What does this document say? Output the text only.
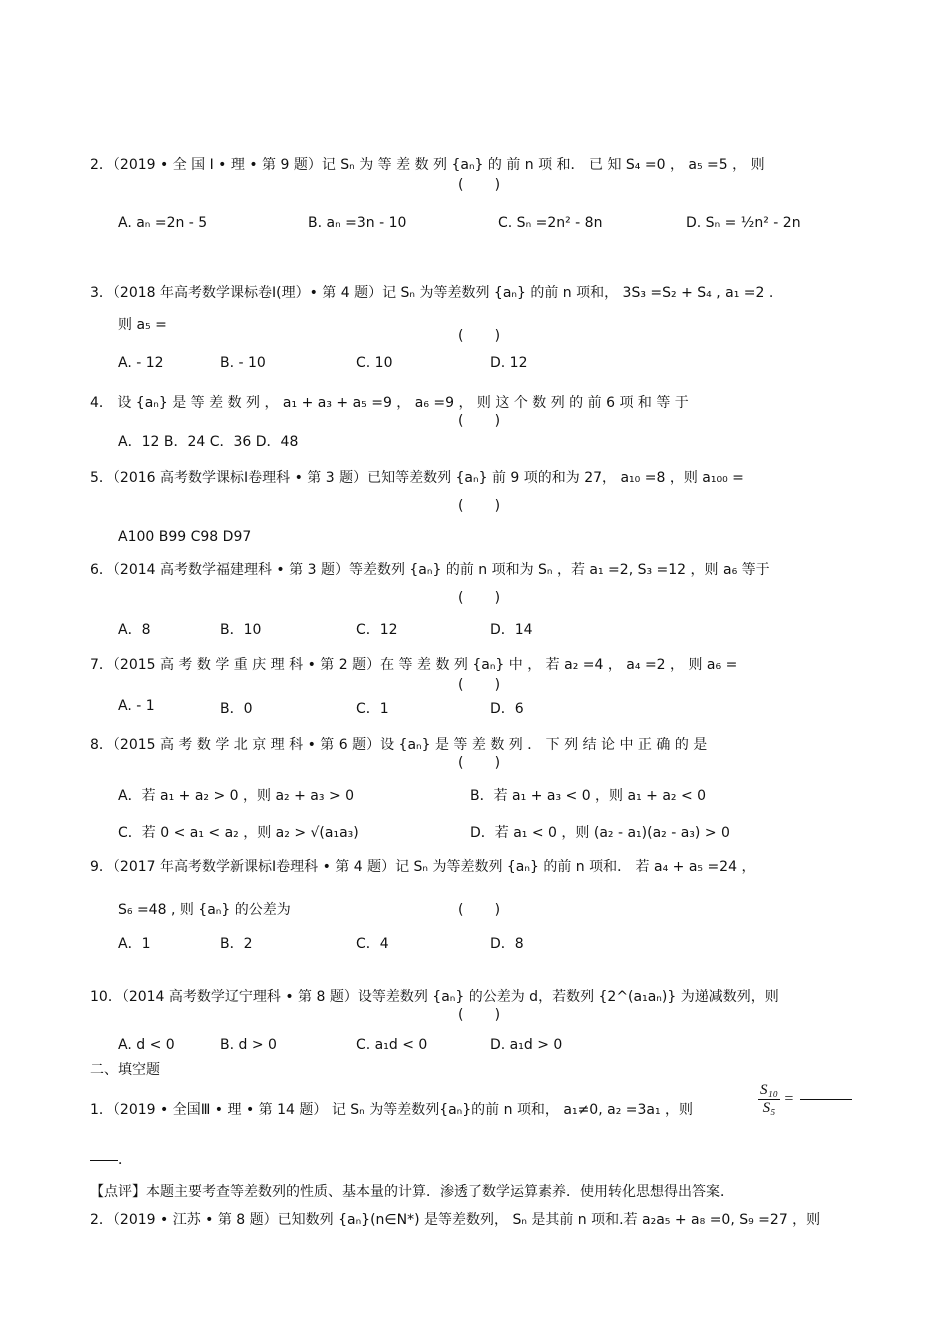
2．（2019 • 全 国 Ⅰ • 理 • 第 9 题）记 Sₙ 为 等 差 数 列 {aₙ} 的 前 n 项 和． 已 知 S₄ =0 ， a₅ =5 ， 则
(       )
A. aₙ =2n - 5	B. aₙ =3n - 10	C. Sₙ =2n² - 8n	D. Sₙ = ½n² - 2n
3．（2018 年高考数学课标卷Ⅰ(理）• 第 4 题）记 Sₙ 为等差数列 {aₙ} 的前 n 项和， 3S₃ =S₂ + S₄ , a₁ =2 .
则 a₅ =
(       )
A. - 12	B. - 10	C. 10	D. 12
4． 设 {aₙ} 是 等 差 数 列 ， a₁ + a₃ + a₅ =9 ， a₆ =9 ， 则 这 个 数 列 的 前 6 项 和 等 于
(       )
A．12 B．24 C．36 D．48
5．（2016 高考数学课标Ⅰ卷理科 • 第 3 题）已知等差数列 {aₙ} 前 9 项的和为 27， a₁₀ =8 ，则 a₁₀₀ =
(       )
A100 B99 C98 D97
6．（2014 高考数学福建理科 • 第 3 题）等差数列 {aₙ} 的前 n 项和为 Sₙ ，若 a₁ =2, S₃ =12 ，则 a₆ 等于
(       )
A．8	B．10	C．12	D．14
7．（2015 高 考 数 学 重 庆 理 科 • 第 2 题）在 等 差 数 列 {aₙ} 中 ， 若 a₂ =4 ， a₄ =2 ， 则 a₆ =
(       )
A. - 1	B．0	C．1	D．6
8．（2015 高 考 数 学 北 京 理 科 • 第 6 题）设 {aₙ} 是 等 差 数 列 ． 下 列 结 论 中 正 确 的 是
(       )
A．若 a₁ + a₂ > 0 ，则 a₂ + a₃ > 0	B．若 a₁ + a₃ < 0 ，则 a₁ + a₂ < 0
C．若 0 < a₁ < a₂ ，则 a₂ > √(a₁a₃)	D．若 a₁ < 0 ，则 (a₂ - a₁)(a₂ - a₃) > 0
9．（2017 年高考数学新课标Ⅰ卷理科 • 第 4 题）记 Sₙ 为等差数列 {aₙ} 的前 n 项和． 若 a₄ + a₅ =24 ，
S₆ =48 , 则 {aₙ} 的公差为	(       )
A．1	B．2	C．4	D．8
10．（2014 高考数学辽宁理科 • 第 8 题）设等差数列 {aₙ} 的公差为 d，若数列 {2^(a₁aₙ)} 为递减数列，则
(       )
A. d < 0	B. d > 0	C. a₁d < 0	D. a₁d > 0
二、填空题
1．（2019 • 全国Ⅲ • 理 • 第 14 题） 记 Sₙ 为等差数列{aₙ}的前 n 项和， a₁≠0, a₂ =3a₁ ，则	$\frac{\text{S₁₀}}{\text{S₅}}$ =
．
【点评】本题主要考查等差数列的性质、基本量的计算．渗透了数学运算素养．使用转化思想得出答案．
2．（2019 • 江苏 • 第 8 题）已知数列 {aₙ}(n∈N*) 是等差数列， Sₙ 是其前 n 项和.若 a₂a₅ + a₈ =0, S₉ =27 ，则
